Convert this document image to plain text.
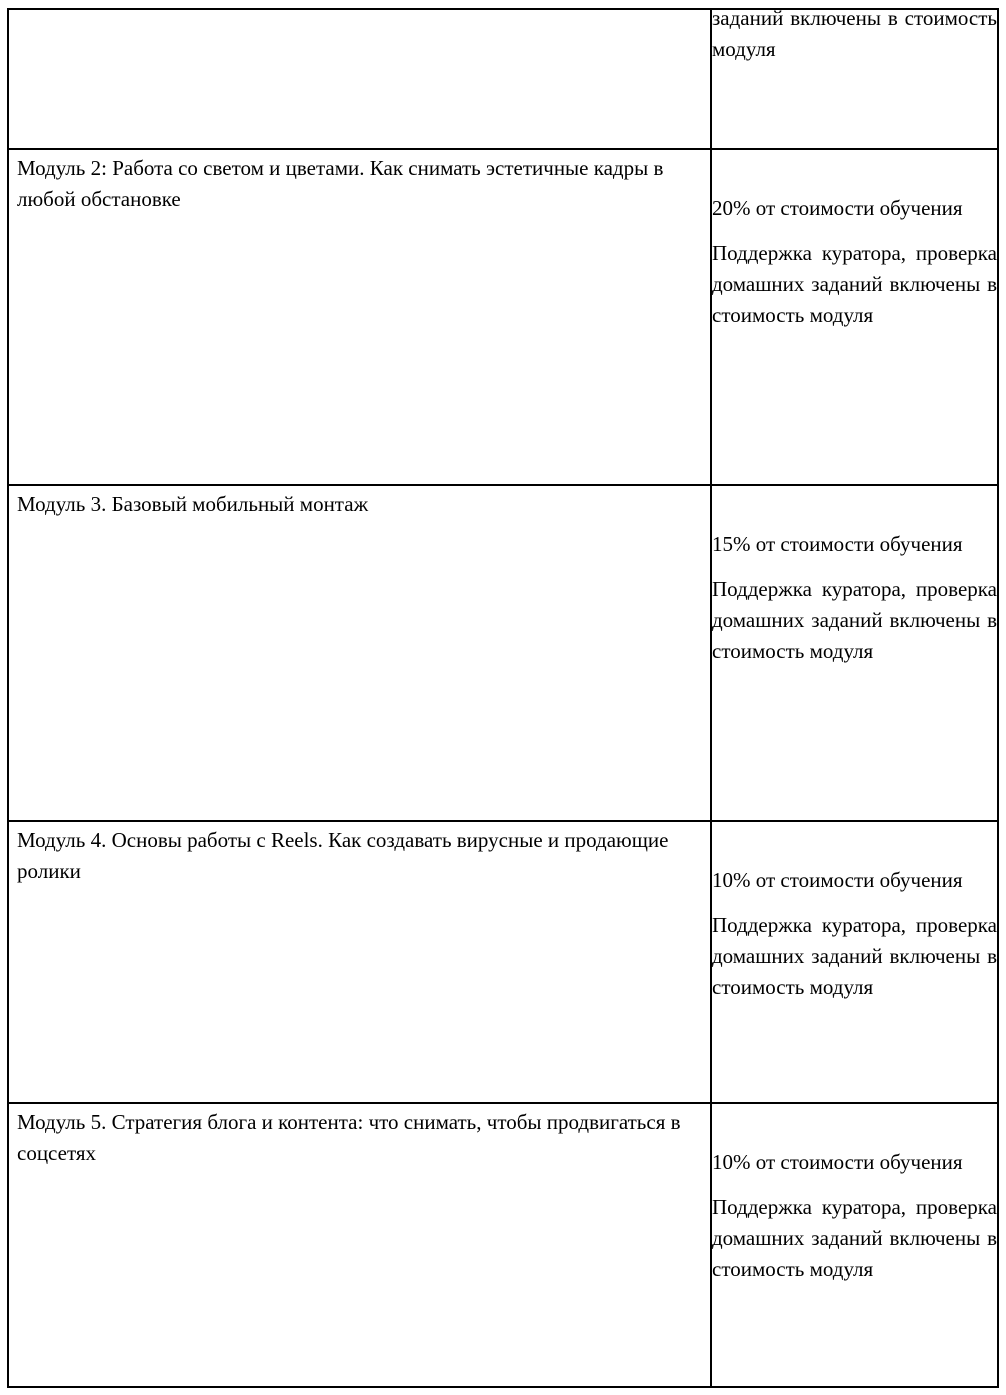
	заданий включены в стоимость модуля

Модуль 2: Работа со светом и цветами. Как снимать эстетичные кадры в любой обстановке	20% от стоимости обучения

Поддержка куратора, проверка домашних заданий включены в стоимость модуля

Модуль 3. Базовый мобильный монтаж	15% от стоимости обучения

Поддержка куратора, проверка домашних заданий включены в стоимость модуля

Модуль 4. Основы работы с Reels. Как создавать вирусные и продающие ролики	10% от стоимости обучения

Поддержка куратора, проверка домашних заданий включены в стоимость модуля

Модуль 5. Стратегия блога и контента: что снимать, чтобы продвигаться в соцсетях	10% от стоимости обучения

Поддержка куратора, проверка домашних заданий включены в стоимость модуля
